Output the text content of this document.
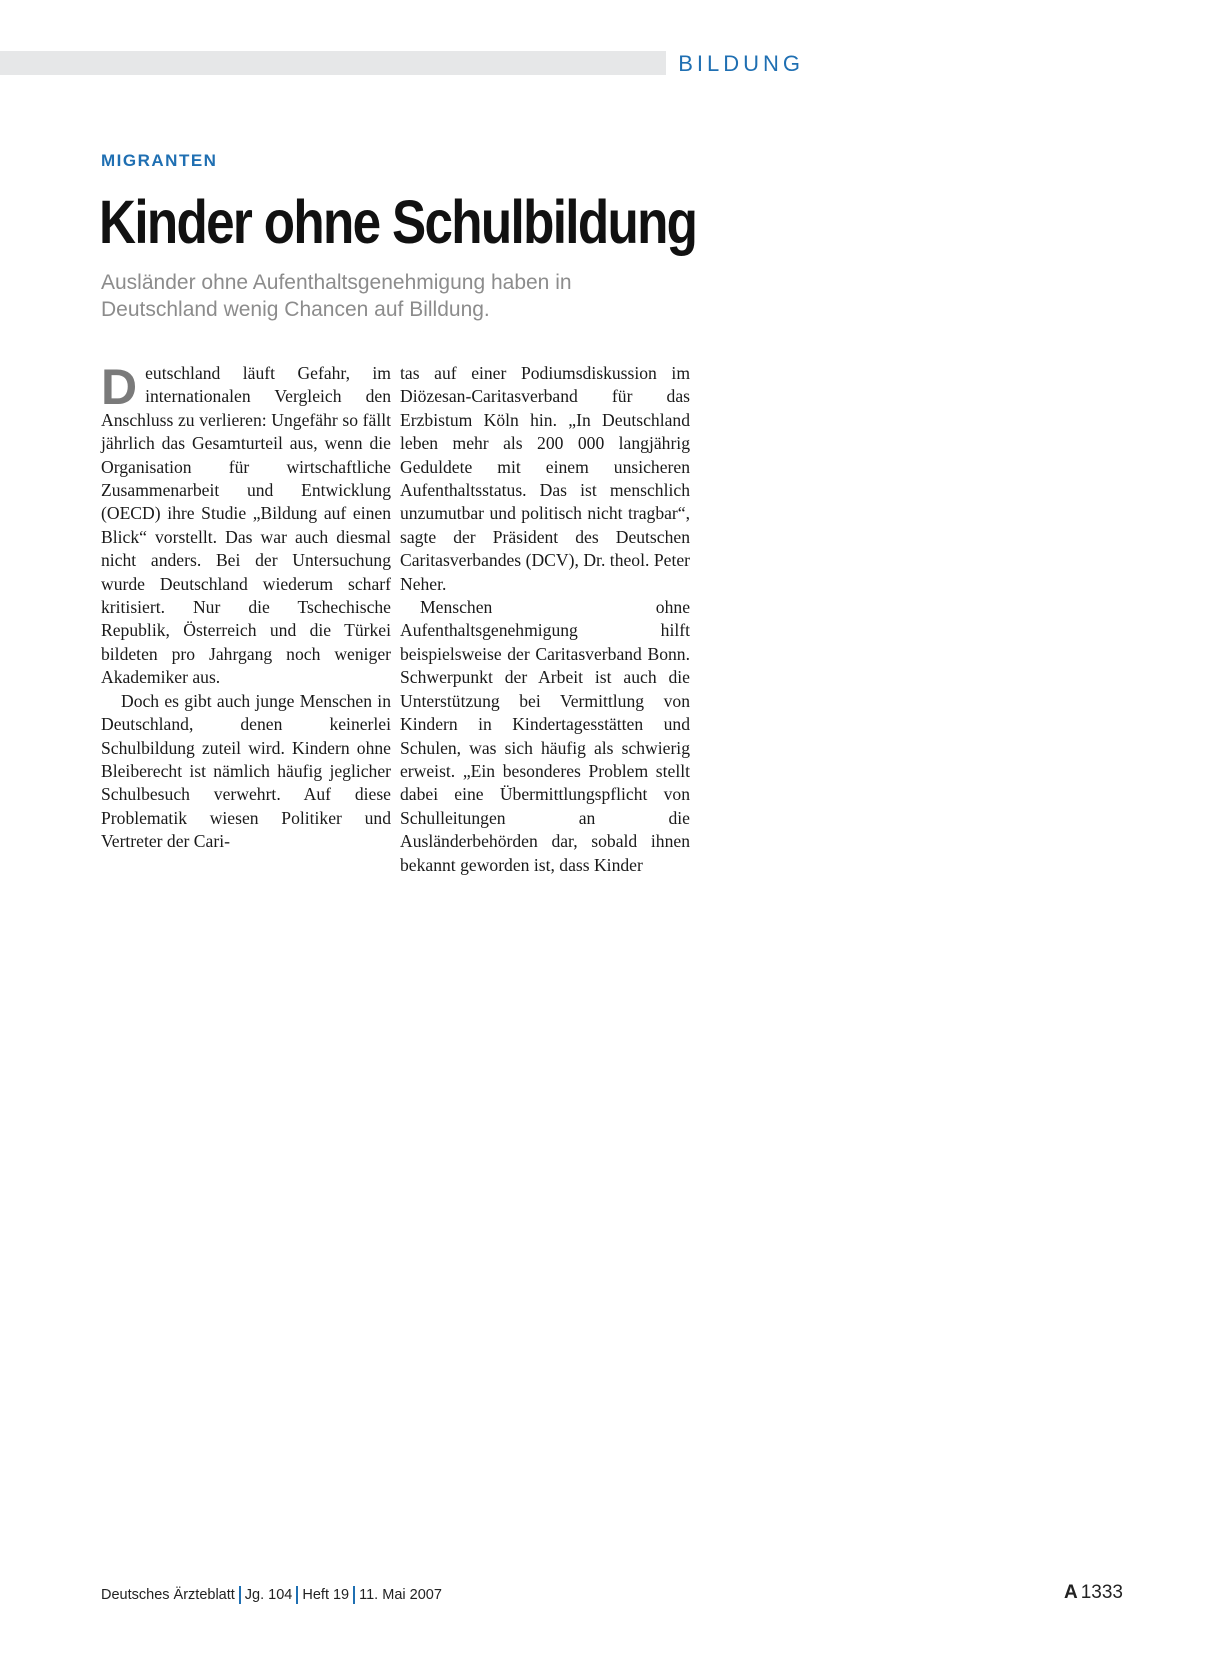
BILDUNG
MIGRANTEN
Kinder ohne Schulbildung
Ausländer ohne Aufenthaltsgenehmigung haben in Deutschland wenig Chancen auf Billdung.

Deutschland läuft Gefahr, im internationalen Vergleich den Anschluss zu verlieren: Ungefähr so fällt jährlich das Gesamturteil aus, wenn die Organisation für wirtschaftliche Zusammenarbeit und Entwicklung (OECD) ihre Studie „Bildung auf einen Blick“ vorstellt. Das war auch diesmal nicht anders. Bei der Untersuchung wurde Deutschland wiederum scharf kritisiert. Nur die Tschechische Republik, Österreich und die Türkei bildeten pro Jahrgang noch weniger Akademiker aus.

Doch es gibt auch junge Menschen in Deutschland, denen keinerlei Schulbildung zuteil wird. Kindern ohne Bleiberecht ist nämlich häufig jeglicher Schulbesuch verwehrt. Auf diese Problematik wiesen Politiker und Vertreter der Cari-

tas auf einer Podiumsdiskussion im Diözesan-Caritasverband für das Erzbistum Köln hin. „In Deutschland leben mehr als 200 000 langjährig Geduldete mit einem unsicheren Aufenthaltsstatus. Das ist menschlich unzumutbar und politisch nicht tragbar“, sagte der Präsident des Deutschen Caritasverbandes (DCV), Dr. theol. Peter Neher.

Menschen ohne Aufenthaltsgenehmigung hilft beispielsweise der Caritasverband Bonn. Schwerpunkt der Arbeit ist auch die Unterstützung bei Vermittlung von Kindern in Kindertagesstätten und Schulen, was sich häufig als schwierig erweist. „Ein besonderes Problem stellt dabei eine Übermittlungspflicht von Schulleitungen an die Ausländerbehörden dar, sobald ihnen bekannt geworden ist, dass Kinder

Deutsches Ärzteblatt Jg. 104 Heft 19 11. Mai 2007	A 1333
